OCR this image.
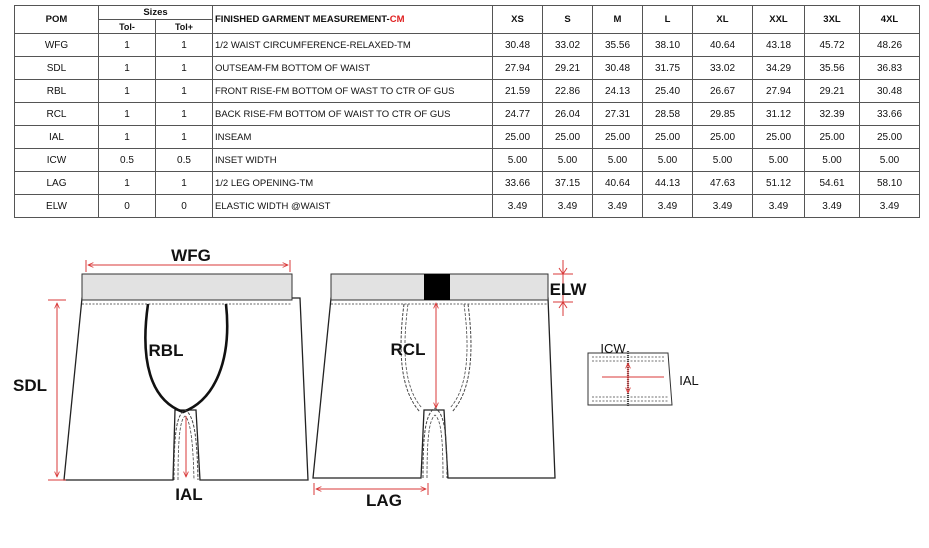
POM	Sizes		FINISHED GARMENT MEASUREMENT-CM	XS	S	M	L	XL	XXL	3XL	4XL
	Tol-	Tol+									
WFG	1	1	1/2 WAIST CIRCUMFERENCE-RELAXED-TM	30.48	33.02	35.56	38.10	40.64	43.18	45.72	48.26
SDL	1	1	OUTSEAM-FM BOTTOM OF WAIST	27.94	29.21	30.48	31.75	33.02	34.29	35.56	36.83
RBL	1	1	FRONT RISE-FM BOTTOM OF WAST TO CTR OF GUS	21.59	22.86	24.13	25.40	26.67	27.94	29.21	30.48
RCL	1	1	BACK RISE-FM BOTTOM OF WAIST TO CTR OF GUS	24.77	26.04	27.31	28.58	29.85	31.12	32.39	33.66
IAL	1	1	INSEAM	25.00	25.00	25.00	25.00	25.00	25.00	25.00	25.00
ICW	0.5	0.5	INSET WIDTH	5.00	5.00	5.00	5.00	5.00	5.00	5.00	5.00
LAG	1	1	1/2 LEG OPENING-TM	33.66	37.15	40.64	44.13	47.63	51.12	54.61	58.10
ELW	0	0	ELASTIC WIDTH @WAIST	3.49	3.49	3.49	3.49	3.49	3.49	3.49	3.49
WFG
SDL
RBL
IAL
RCL
LAG
ELW
ICW
IAL
